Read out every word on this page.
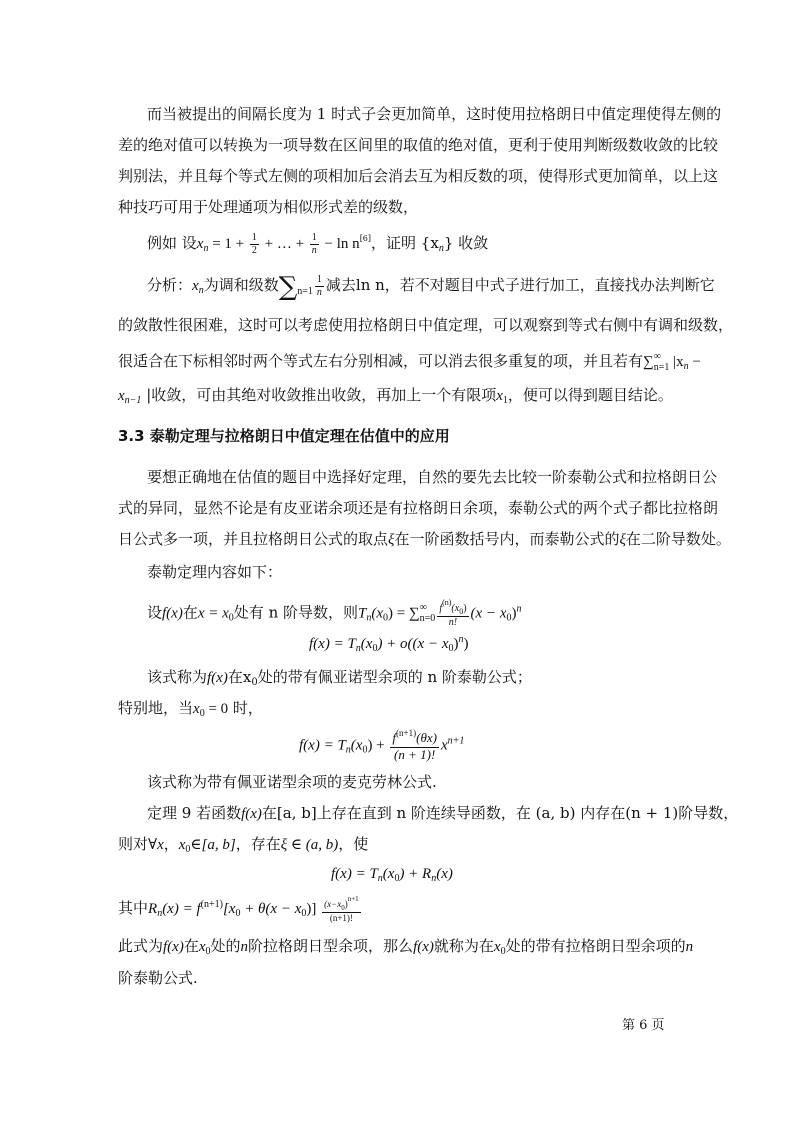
而当被提出的间隔长度为 1 时式子会更加简单，这时使用拉格朗日中值定理使得左侧的
差的绝对值可以转换为一项导数在区间里的取值的绝对值，更利于使用判断级数收敛的比较
判别法，并且每个等式左侧的项相加后会消去互为相反数的项，使得形式更加简单，以上这
种技巧可用于处理通项为相似形式差的级数，
例如 设$x_n = 1 + \frac{1}{2}$ + … + $\frac{1}{n} - \ln n[6]$，证明 $\{x_n\}$ 收敛
分析：$x_n$为调和级数$\sum n=1 \frac{1}{n}$ 减去ln n，若不对题目中式子进行加工，直接找办法判断它
的敛散性很困难，这时可以考虑使用拉格朗日中值定理，可以观察到等式右侧中有调和级数，
很适合在下标相邻时两个等式左右分别相减，可以消去很多重复的项，并且若有∑ ∞
n=1 $|x_n$ −
$x_{n-1}$ |收敛，可由其绝对收敛推出收敛，再加上一个有限项$x_1$，便可以得到题目结论。
3.3 泰勒定理与拉格朗日中值定理在估值中的应用
要想正确地在估值的题目中选择好定理，自然的要先去比较一阶泰勒公式和拉格朗日公
式的异同，显然不论是有皮亚诺余项还是有拉格朗日余项，泰勒公式的两个式子都比拉格朗
日公式多一项，并且拉格朗日公式的取点ξ在一阶函数括号内，而泰勒公式的ξ在二阶导数处。
泰勒定理内容如下：
设f(x)在$x = x_0$处有 n 阶导数，则$T_n(x_0)$ = ∑ ∞
$n=0 \frac{f^{(n)}(x_0)}{n!} (x - x_0)^n$
$f(x) = T_n(x_0) + o((x - x_0)^n)$
该式称为f(x)在$x_0$处的带有佩亚诺型余项的 n 阶泰勒公式；
特别地，当$x_0 = 0$ 时，
$f(x) = T_n(x_0) + \frac{f^{(n+1)}(\theta x)}{(n + 1)!} x^{n+1}$
该式称为带有佩亚诺型余项的麦克劳林公式.
定理 9 若函数f(x)在[a, b]上存在直到 n 阶连续导函数，在 (a, b) 内存在(n + 1)阶导数，
则对∀x，$x_0\in[a$, b]，存在ξ ∈ (a, b)，使
$f(x) = T_n(x_0) + R_n(x)$
其中$R_n(x) = f^{(n+1)}[x_0 + \theta(x - x_0)] \frac{(x-x_0)^{n+1}}{(n+1)!}$
此式为f(x)在$x_0$处的n阶拉格朗日型余项，那么f(x)就称为在$x_0$处的带有拉格朗日型余项的n
阶泰勒公式.
第 6 页
